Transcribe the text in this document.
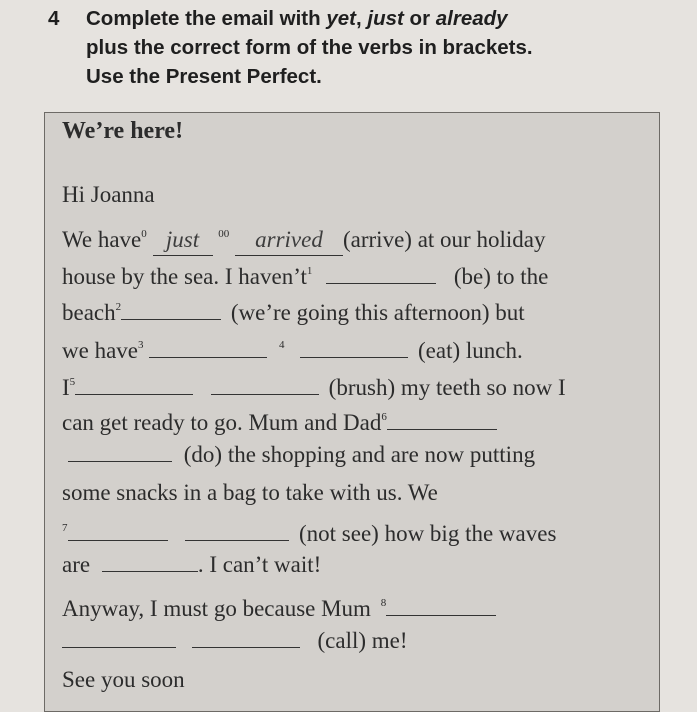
4 Complete the email with yet, just or already
plus the correct form of the verbs in brackets.
Use the Present Perfect.
We’re here!
Hi Joanna
We have$^0$ just $^{00}$ arrived (arrive) at our holiday
house by the sea. I $haven’t^1$	(be) to the
beach$^2$	(we’re going this afternoon) but
we have$^3$	$^4$	(eat) lunch.
$I^5$	(brush) my teeth so now I
can get ready to go. Mum and Dad$^6$
(do) the shopping and are now putting
some snacks in a bag to take with us. We
$^7$	(not see) how big the waves
are	. I can’t wait!
Anyway, I must go because Mum $^8$
(call) me!
See you soon
